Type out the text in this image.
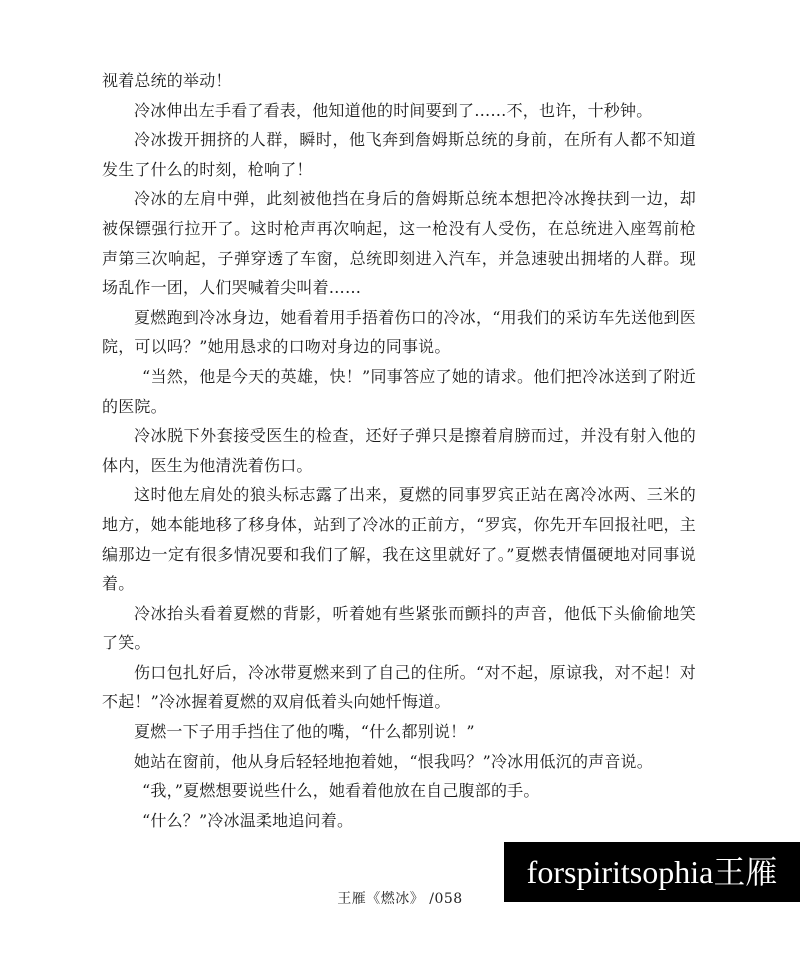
视着总统的举动！

冷冰伸出左手看了看表，他知道他的时间要到了……不，也许，十秒钟。

冷冰拨开拥挤的人群，瞬时，他飞奔到詹姆斯总统的身前，在所有人都不知道发生了什么的时刻，枪响了！

冷冰的左肩中弹，此刻被他挡在身后的詹姆斯总统本想把冷冰搀扶到一边，却被保镖强行拉开了。这时枪声再次响起，这一枪没有人受伤，在总统进入座驾前枪声第三次响起，子弹穿透了车窗，总统即刻进入汽车，并急速驶出拥堵的人群。现场乱作一团，人们哭喊着尖叫着……

夏燃跑到冷冰身边，她看着用手捂着伤口的冷冰，“用我们的采访车先送他到医院，可以吗？”她用恳求的口吻对身边的同事说。

“当然，他是今天的英雄，快！”同事答应了她的请求。他们把冷冰送到了附近的医院。

冷冰脱下外套接受医生的检查，还好子弹只是擦着肩膀而过，并没有射入他的体内，医生为他清洗着伤口。

这时他左肩处的狼头标志露了出来，夏燃的同事罗宾正站在离冷冰两、三米的地方，她本能地移了移身体，站到了冷冰的正前方，“罗宾，你先开车回报社吧，主编那边一定有很多情况要和我们了解，我在这里就好了。”夏燃表情僵硬地对同事说着。

冷冰抬头看着夏燃的背影，听着她有些紧张而颤抖的声音，他低下头偷偷地笑了笑。

伤口包扎好后，冷冰带夏燃来到了自己的住所。“对不起，原谅我，对不起！对不起！”冷冰握着夏燃的双肩低着头向她忏悔道。

夏燃一下子用手挡住了他的嘴，“什么都别说！”

她站在窗前，他从身后轻轻地抱着她，“恨我吗？”冷冰用低沉的声音说。

“我，”夏燃想要说些什么，她看着他放在自己腹部的手。

“什么？”冷冰温柔地追问着。

王雁《燃冰》 /058
forspiritsophia王雁
